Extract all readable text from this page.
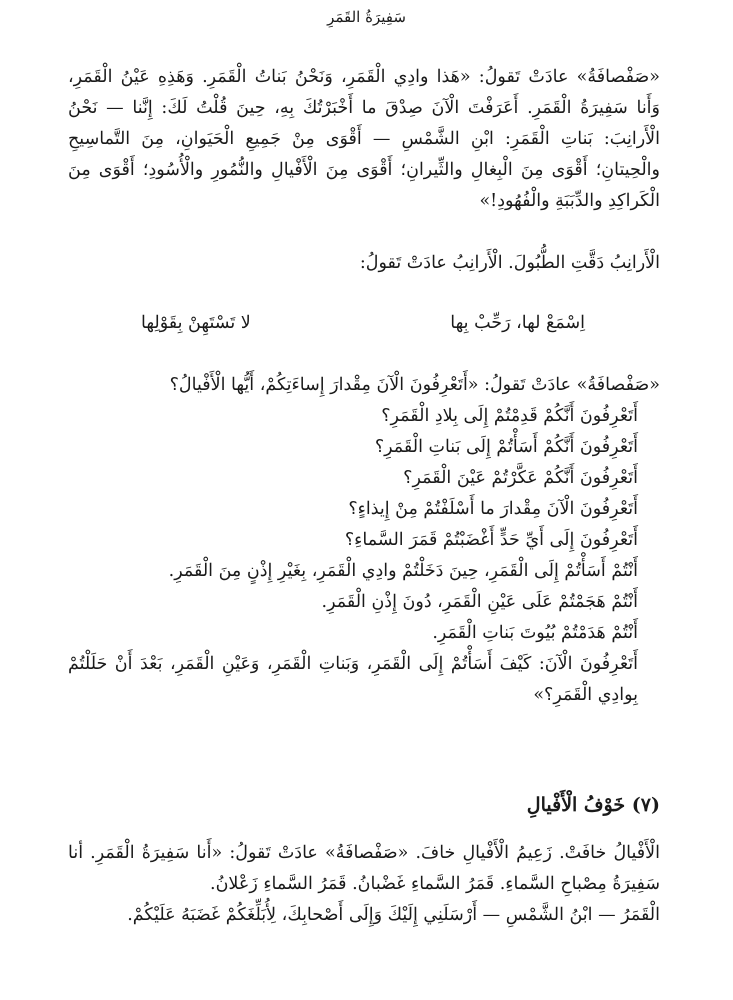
سَفِيرَةُ القَمَرِ

«صَفْصافَةُ» عادَتْ تَقولُ: «هَذا وادِي الْقَمَرِ، وَنَحْنُ بَناتُ الْقَمَرِ. وَهَذِهِ عَيْنُ الْقَمَرِ، وَأَنا سَفِيرَةُ الْقَمَرِ. أَعَرَفْتَ الْآنَ صِدْقَ ما أَخْبَرْتُكَ بِهِ، حِينَ قُلْتُ لَكَ: إِنَّنا — نَحْنُ الْأَرانِبَ: بَناتِ الْقَمَرِ: ابْنِ الشَّمْسِ — أَقْوَى مِنْ جَمِيعِ الْحَيَوانِ، مِنَ التَّماسِيحِ والْحِيتانِ؛ أَقْوَى مِنَ الْبِغالِ والثِّيرانِ؛ أَقْوَى مِنَ الْأَفْيالِ والنُّمُورِ والْأُسُودِ؛ أَقْوَى مِنَ الْكَراكِدِ والدِّبَبَةِ والْفُهُودِ!»

الْأَرانِبُ دَقَّتِ الطُّبُولَ. الْأَرانِبُ عادَتْ تَقولُ:

اِسْمَعْ لها، رَحِّبْ بِها
لا تَسْتَهِنْ بِقَوْلِها

«صَفْصافَةُ» عادَتْ تَقولُ: «أَتَعْرِفُونَ الْآنَ مِقْدارَ إِساءَتِكُمْ، أَيُّها الْأَفْيالُ؟

أَتَعْرِفُونَ أَنَّكُمْ قَدِمْتُمْ إِلَى بِلادِ الْقَمَرِ؟
أَتَعْرِفُونَ أَنَّكُمْ أَسَأْتُمْ إِلَى بَناتِ الْقَمَرِ؟
أَتَعْرِفُونَ أَنَّكُمْ عَكَّرْتُمْ عَيْنَ الْقَمَرِ؟
أَتَعْرِفُونَ الْآنَ مِقْدارَ ما أَسْلَفْتُمْ مِنْ إِيذاءٍ؟
أَتَعْرِفُونَ إِلَى أَيِّ حَدٍّ أَغْضَبْتُمْ قَمَرَ السَّماءِ؟
أَنْتُمْ أَسَأْتُمْ إِلَى الْقَمَرِ، حِينَ دَخَلْتُمْ وادِي الْقَمَرِ، بِغَيْرِ إِذْنٍ مِنَ الْقَمَرِ.
أَنْتُمْ هَجَمْتُمْ عَلَى عَيْنِ الْقَمَرِ، دُونَ إِذْنِ الْقَمَرِ.
أَنْتُمْ هَدَمْتُمْ بُيُوتَ بَناتِ الْقَمَرِ.
أَتَعْرِفُونَ الْآنَ: كَيْفَ أَسَأْتُمْ إِلَى الْقَمَرِ، وَبَناتِ الْقَمَرِ، وَعَيْنِ الْقَمَرِ، بَعْدَ أَنْ حَلَلْتُمْ بِوادِي الْقَمَرِ؟»
(٧) خَوْفُ الْأَفْيالِ

الْأَفْيالُ خافَتْ. زَعِيمُ الْأَفْيالِ خافَ. «صَفْصافَةُ» عادَتْ تَقولُ: «أَنا سَفِيرَةُ الْقَمَرِ. أنا سَفِيرَةُ مِصْباحِ السَّماءِ. قَمَرُ السَّماءِ غَضْبانُ. قَمَرُ السَّماءِ زَعْلانُ.

الْقَمَرُ — ابْنُ الشَّمْسِ — أَرْسَلَنِي إِلَيْكَ وَإِلَى أَصْحابِكَ، لِأُبَلِّغَكُمْ غَضَبَهُ عَلَيْكُمْ.
